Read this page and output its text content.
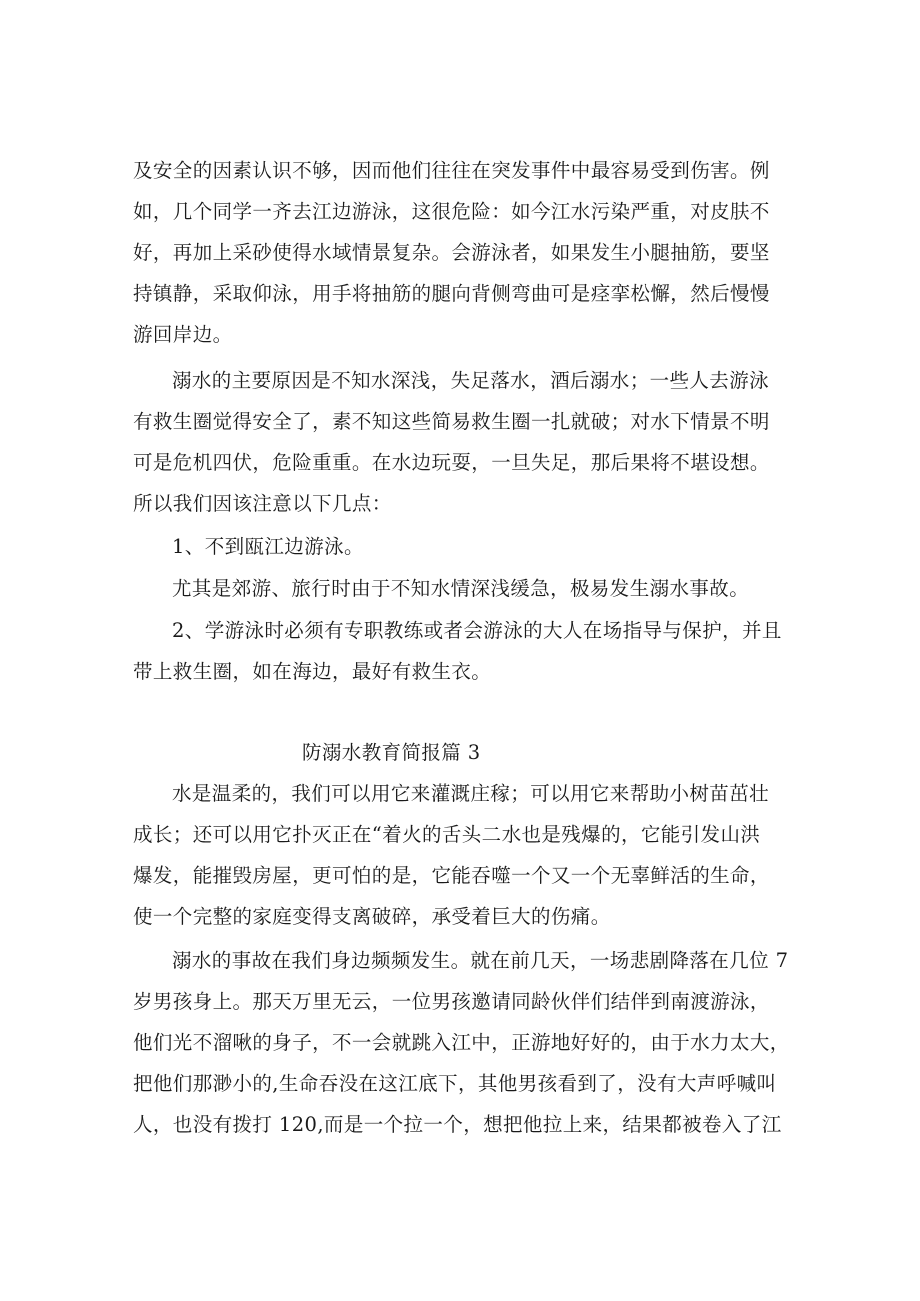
及安全的因素认识不够，因而他们往往在突发事件中最容易受到伤害。例
如，几个同学一齐去江边游泳，这很危险：如今江水污染严重，对皮肤不
好，再加上采砂使得水域情景复杂。会游泳者，如果发生小腿抽筋，要坚
持镇静，采取仰泳，用手将抽筋的腿向背侧弯曲可是痉挛松懈，然后慢慢
游回岸边。
溺水的主要原因是不知水深浅，失足落水，酒后溺水；一些人去游泳
有救生圈觉得安全了，素不知这些简易救生圈一扎就破；对水下情景不明
可是危机四伏，危险重重。在水边玩耍，一旦失足，那后果将不堪设想。
所以我们因该注意以下几点：
1、不到瓯江边游泳。
尤其是郊游、旅行时由于不知水情深浅缓急，极易发生溺水事故。
2、学游泳时必须有专职教练或者会游泳的大人在场指导与保护，并且
带上救生圈，如在海边，最好有救生衣。
防溺水教育简报篇 3
水是温柔的，我们可以用它来灌溉庄稼；可以用它来帮助小树苗茁壮
成长；还可以用它扑灭正在“着火的舌头二水也是残爆的，它能引发山洪
爆发，能摧毁房屋，更可怕的是，它能吞噬一个又一个无辜鲜活的生命，
使一个完整的家庭变得支离破碎，承受着巨大的伤痛。
溺水的事故在我们身边频频发生。就在前几天，一场悲剧降落在几位 7
岁男孩身上。那天万里无云，一位男孩邀请同龄伙伴们结伴到南渡游泳，
他们光不溜啾的身子，不一会就跳入江中，正游地好好的，由于水力太大，
把他们那渺小的,生命吞没在这江底下，其他男孩看到了，没有大声呼喊叫
人，也没有拨打 120,而是一个拉一个，想把他拉上来，结果都被卷入了江
